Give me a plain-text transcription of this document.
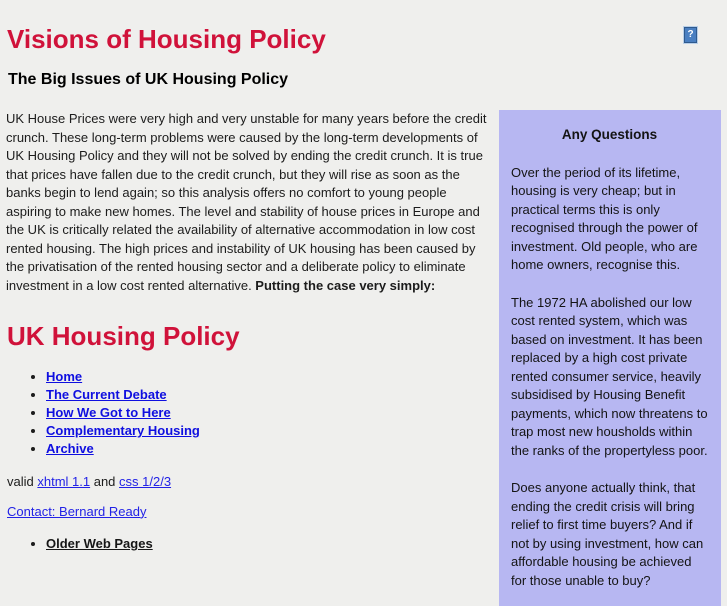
?
Visions of Housing Policy
The Big Issues of UK Housing Policy

UK House Prices were very high and very unstable for many years before the credit crunch. These long-term problems were caused by the long-term developments of UK Housing Policy and they will not be solved by ending the credit crunch. It is true that prices have fallen due to the credit crunch, but they will rise as soon as the banks begin to lend again; so this analysis offers no comfort to young people aspiring to make new homes. The level and stability of house prices in Europe and the UK is critically related the availability of alternative accommodation in low cost rented housing. The high prices and instability of UK housing has been caused by the privatisation of the rented housing sector and a deliberate policy to eliminate investment in a low cost rented alternative. Putting the case very simply:

UK Housing Policy
• Home
• The Current Debate
• How We Got to Here
• Complementary Housing
• Archive

valid xhtml 1.1 and css 1/2/3

Contact: Bernard Ready

• Older Web Pages
Any Questions

Over the period of its lifetime, housing is very cheap; but in practical terms this is only recognised through the power of investment. Old people, who are home owners, recognise this.

The 1972 HA abolished our low cost rented system, which was based on investment. It has been replaced by a high cost private rented consumer service, heavily subsidised by Housing Benefit payments, which now threatens to trap most new housholds within the ranks of the propertyless poor.

Does anyone actually think, that ending the credit crisis will bring relief to first time buyers? And if not by using investment, how can affordable housing be achieved for those unable to buy?
